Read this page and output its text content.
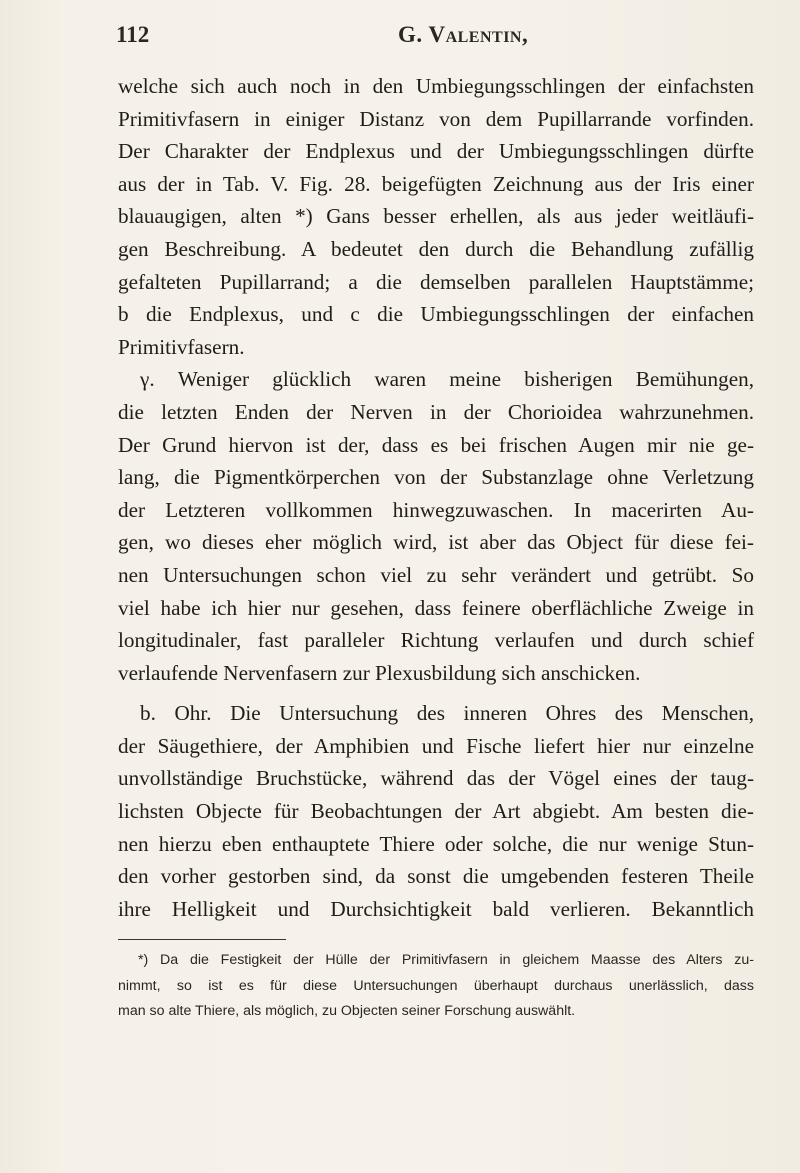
112	G. Valentin,
welche sich auch noch in den Umbiegungsschlingen der einfachsten
Primitivfasern in einiger Distanz von dem Pupillarrande vorfinden.
Der Charakter der Endplexus und der Umbiegungsschlingen dürfte
aus der in Tab. V. Fig. 28. beigefügten Zeichnung aus der Iris einer
blauaugigen, alten *) Gans besser erhellen, als aus jeder weitläufi-
gen Beschreibung. A bedeutet den durch die Behandlung zufällig
gefalteten Pupillarrand; a die demselben parallelen Hauptstämme;
b die Endplexus, und c die Umbiegungsschlingen der einfachen
Primitivfasern.
γ. Weniger glücklich waren meine bisherigen Bemühungen,
die letzten Enden der Nerven in der Chorioidea wahrzunehmen.
Der Grund hiervon ist der, dass es bei frischen Augen mir nie ge-
lang, die Pigmentkörperchen von der Substanzlage ohne Verletzung
der Letzteren vollkommen hinwegzuwaschen. In macerirten Au-
gen, wo dieses eher möglich wird, ist aber das Object für diese fei-
nen Untersuchungen schon viel zu sehr verändert und getrübt. So
viel habe ich hier nur gesehen, dass feinere oberflächliche Zweige in
longitudinaler, fast paralleler Richtung verlaufen und durch schief
verlaufende Nervenfasern zur Plexusbildung sich anschicken.
b. Ohr. Die Untersuchung des inneren Ohres des Menschen,
der Säugethiere, der Amphibien und Fische liefert hier nur einzelne
unvollständige Bruchstücke, während das der Vögel eines der taug-
lichsten Objecte für Beobachtungen der Art abgiebt. Am besten die-
nen hierzu eben enthauptete Thiere oder solche, die nur wenige Stun-
den vorher gestorben sind, da sonst die umgebenden festeren Theile
ihre Helligkeit und Durchsichtigkeit bald verlieren. Bekanntlich
*) Da die Festigkeit der Hülle der Primitivfasern in gleichem Maasse des Alters zu-
nimmt, so ist es für diese Untersuchungen überhaupt durchaus unerlässlich, dass
man so alte Thiere, als möglich, zu Objecten seiner Forschung auswählt.
